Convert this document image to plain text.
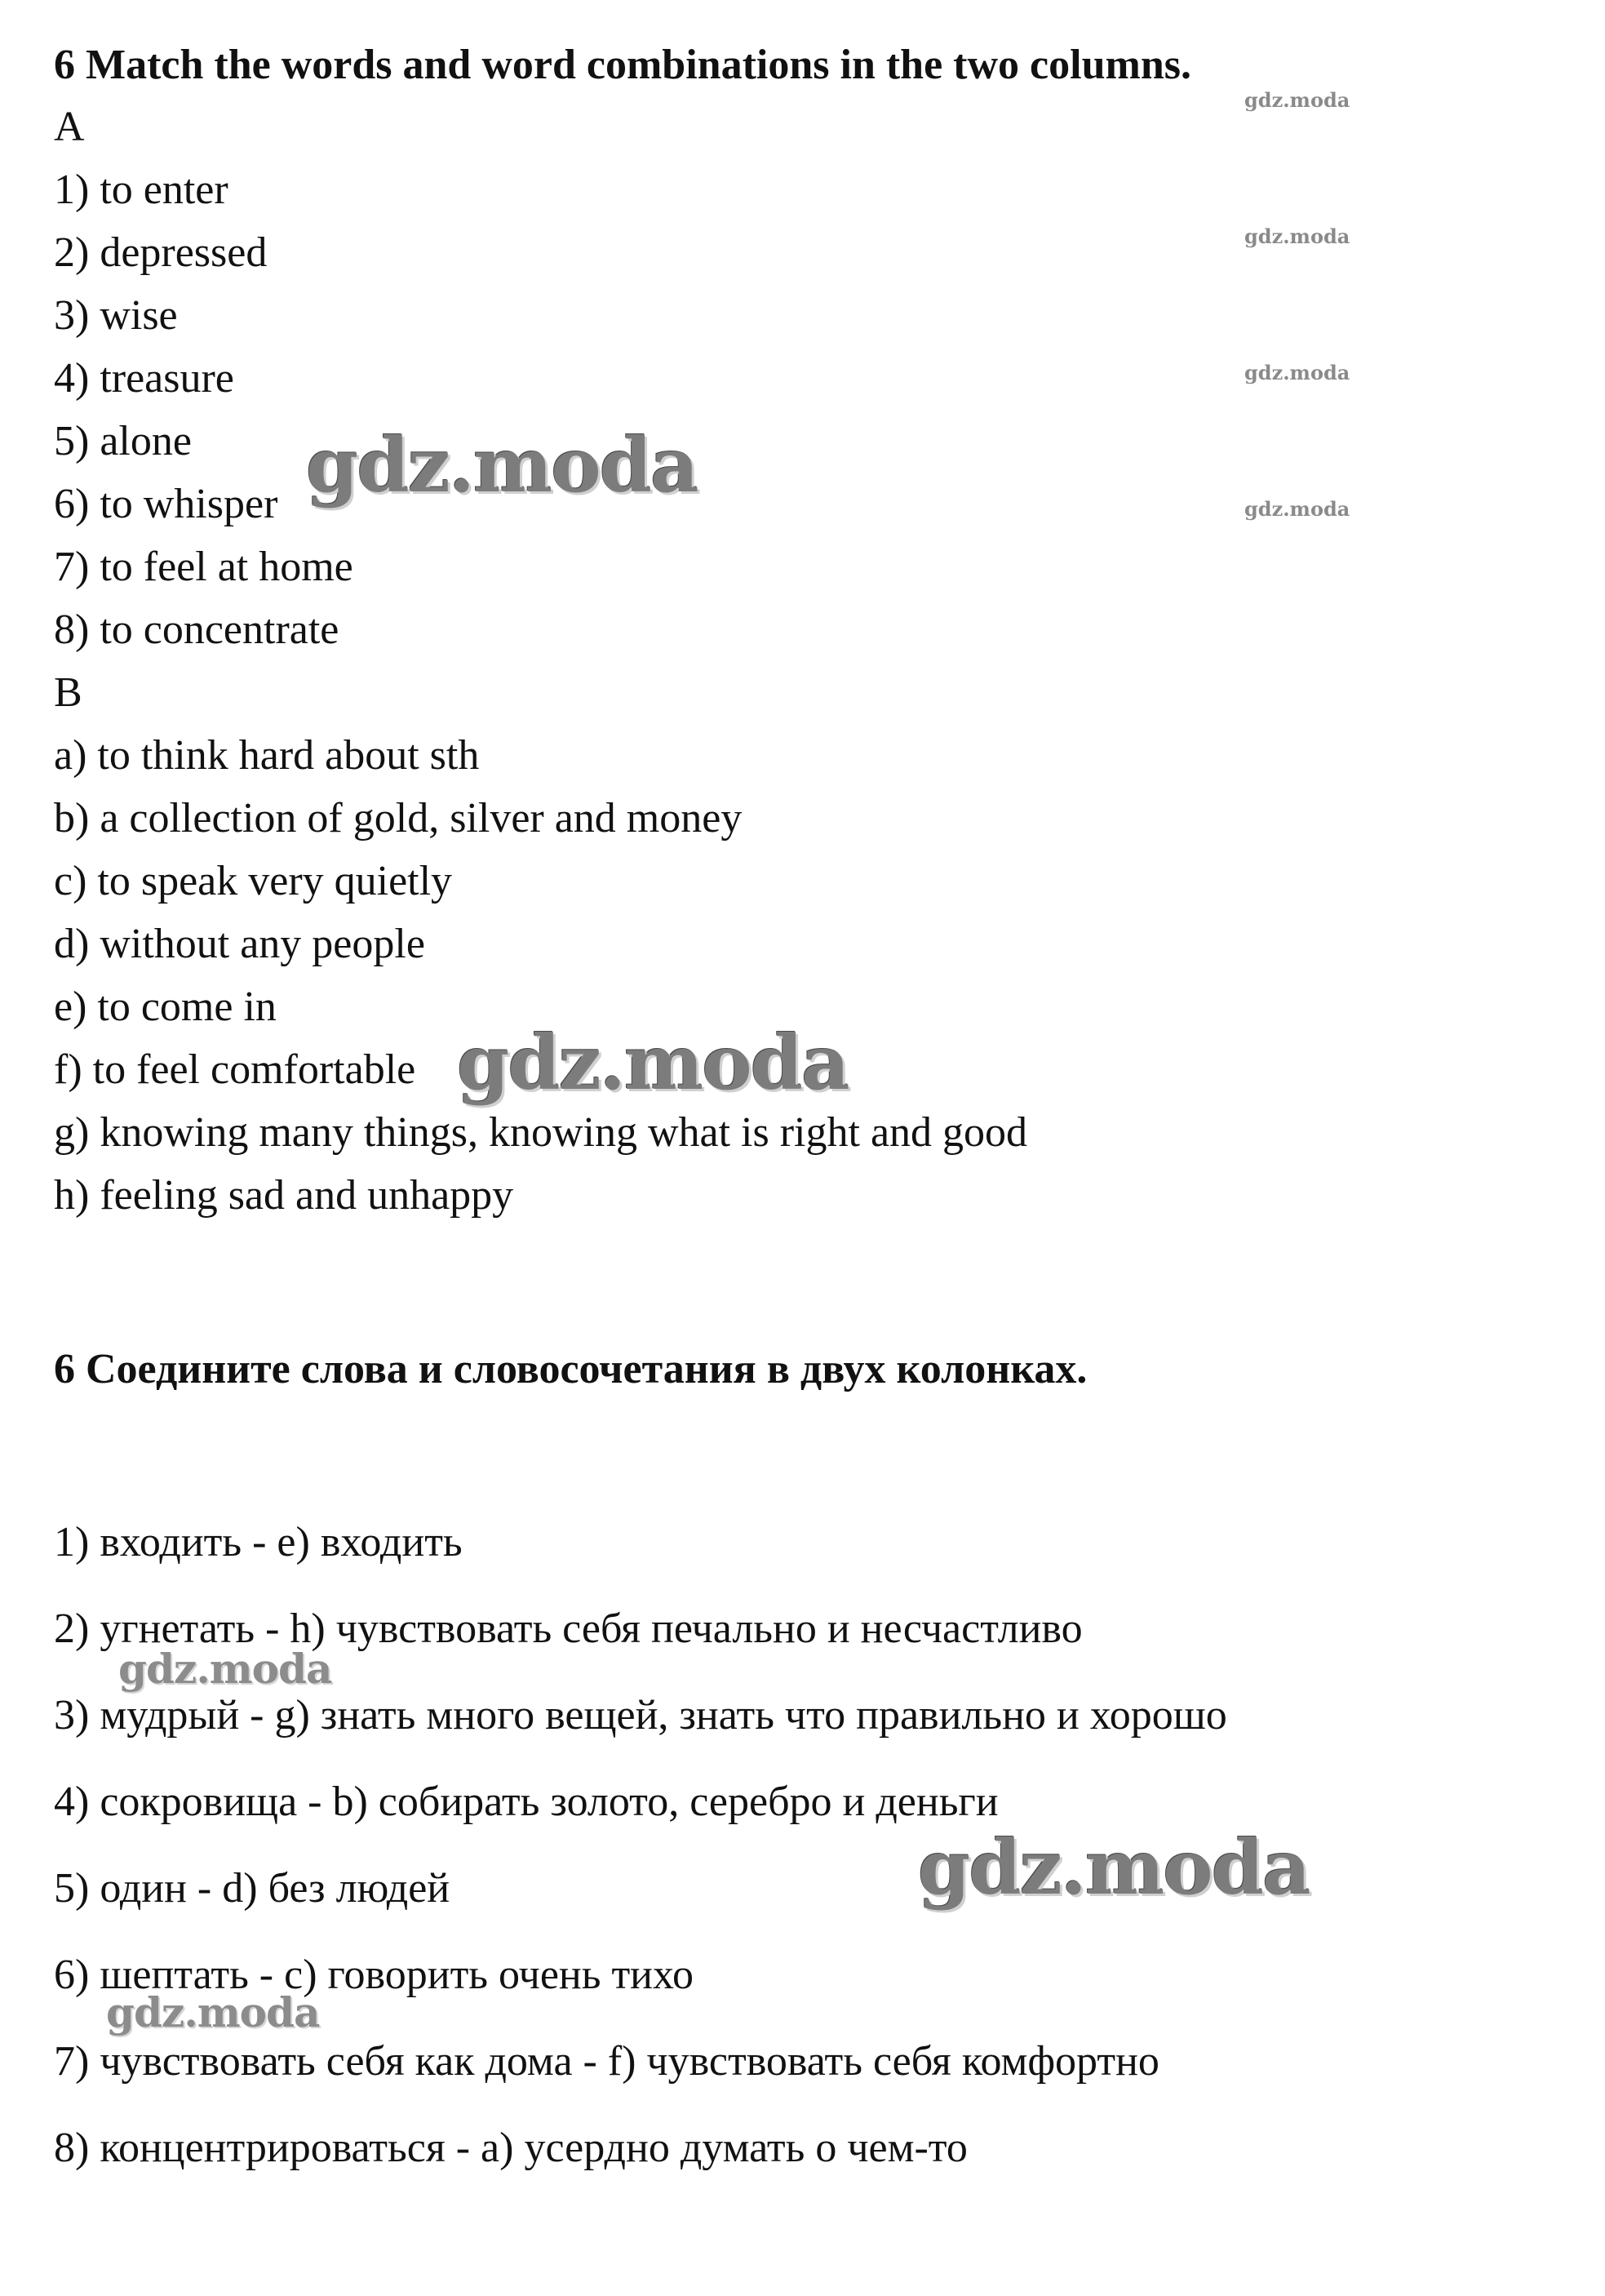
6 Match the words and word combinations in the two columns.
A
1) to enter
2) depressed
3) wise
4) treasure
5) alone
6) to whisper
7) to feel at home
8) to concentrate
B
a) to think hard about sth
b) a collection of gold, silver and money
c) to speak very quietly
d) without any people
e) to come in
f) to feel comfortable
g) knowing many things, knowing what is right and good
h) feeling sad and unhappy
6 Соедините слова и словосочетания в двух колонках.
1) входить - e) входить
2) угнетать - h) чувствовать себя печально и несчастливо
3) мудрый - g) знать много вещей, знать что правильно и хорошо
4) сокровища - b) собирать золото, серебро и деньги
5) один - d) без людей
6) шептать - c) говорить очень тихо
7) чувствовать себя как дома - f) чувствовать себя комфортно
8) концентрироваться - a) усердно думать о чем-то
gdz.moda
gdz.moda
gdz.moda
gdz.moda
gdz.moda
gdz.moda
gdz.moda
gdz.moda
gdz.moda
